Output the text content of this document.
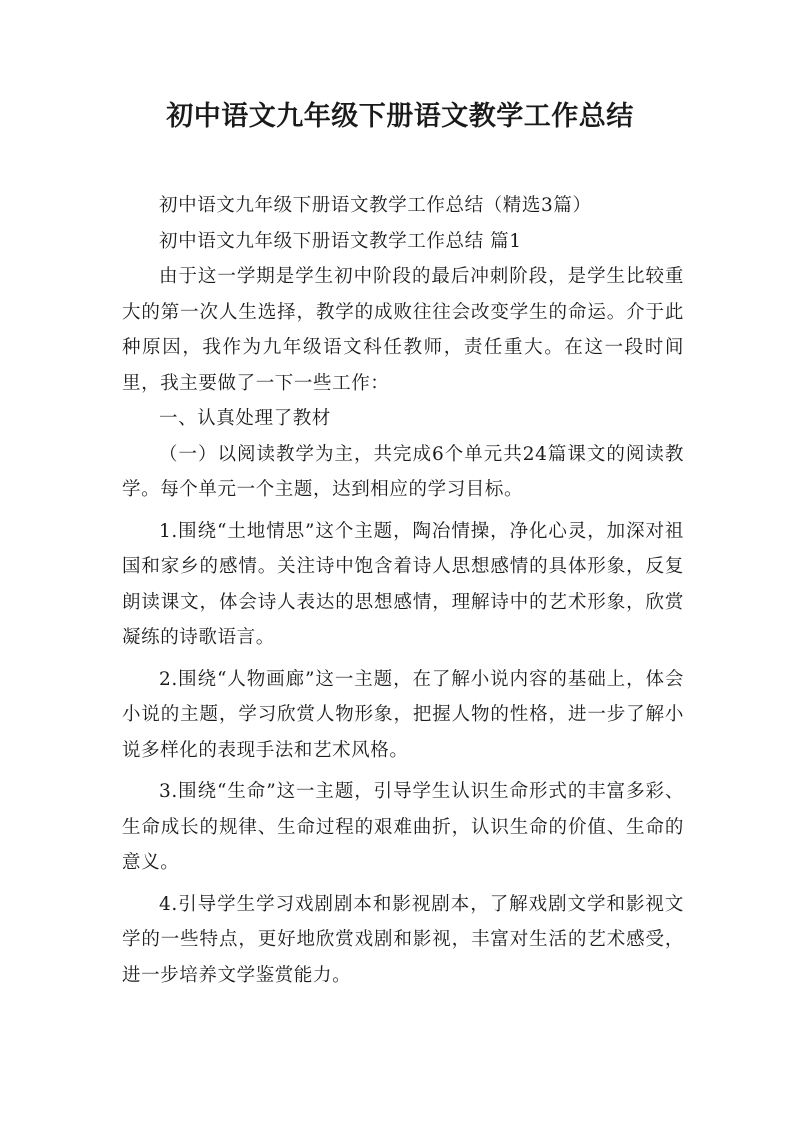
初中语文九年级下册语文教学工作总结

初中语文九年级下册语文教学工作总结（精选3篇）

初中语文九年级下册语文教学工作总结 篇1

由于这一学期是学生初中阶段的最后冲刺阶段，是学生比较重大的第一次人生选择，教学的成败往往会改变学生的命运。介于此种原因，我作为九年级语文科任教师，责任重大。在这一段时间里，我主要做了一下一些工作：

一、认真处理了教材

（一）以阅读教学为主，共完成6个单元共24篇课文的阅读教学。每个单元一个主题，达到相应的学习目标。

1.围绕“土地情思”这个主题，陶冶情操，净化心灵，加深对祖国和家乡的感情。关注诗中饱含着诗人思想感情的具体形象，反复朗读课文，体会诗人表达的思想感情，理解诗中的艺术形象，欣赏凝练的诗歌语言。

2.围绕“人物画廊”这一主题，在了解小说内容的基础上，体会小说的主题，学习欣赏人物形象，把握人物的性格，进一步了解小说多样化的表现手法和艺术风格。

3.围绕“生命”这一主题，引导学生认识生命形式的丰富多彩、生命成长的规律、生命过程的艰难曲折，认识生命的价值、生命的意义。

4.引导学生学习戏剧剧本和影视剧本，了解戏剧文学和影视文学的一些特点，更好地欣赏戏剧和影视，丰富对生活的艺术感受，进一步培养文学鉴赏能力。
